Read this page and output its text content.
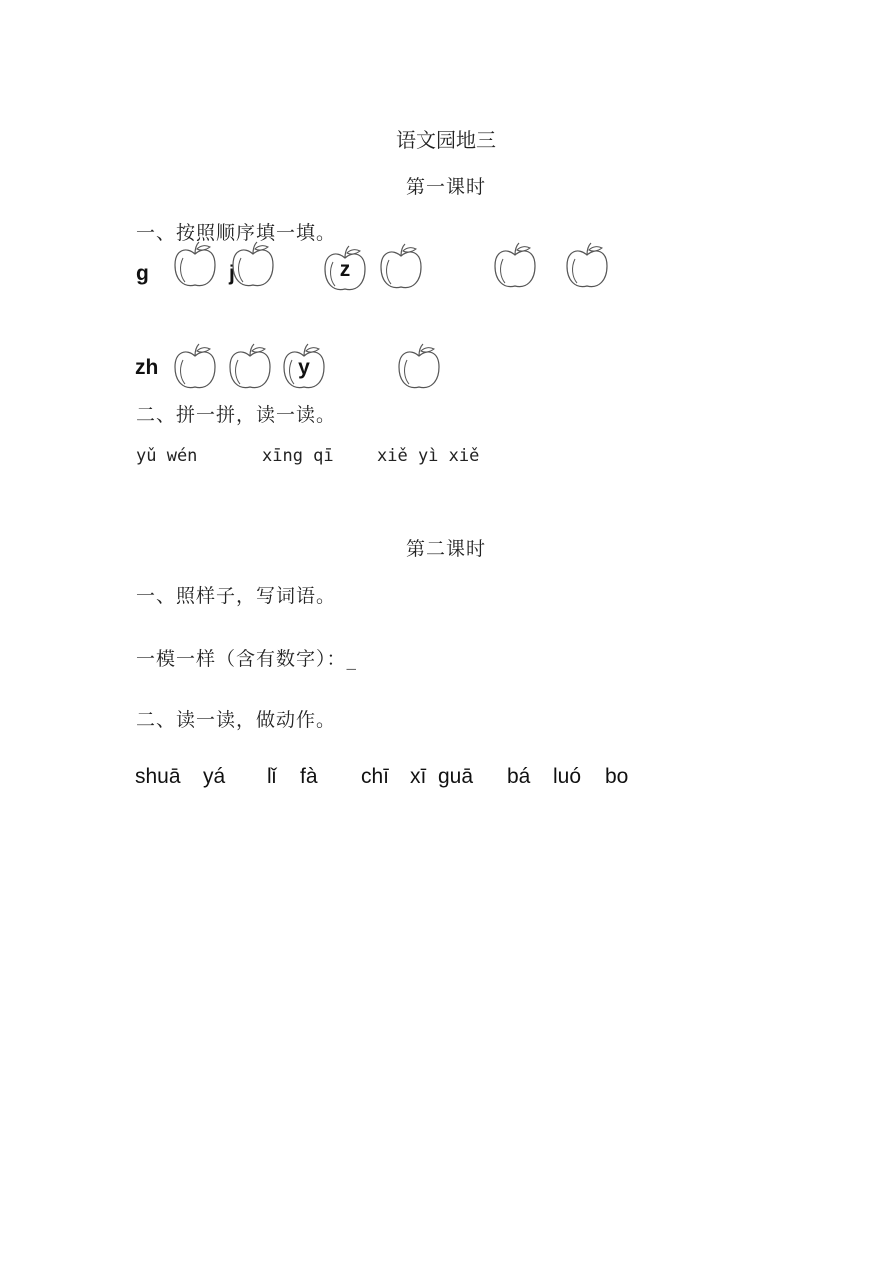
语文园地三
第一课时
一、按照顺序填一填。
g	j	z
zh	y
二、拼一拼，读一读。
yǔ wén	xīng qī	xiě yì xiě
第二课时
一、照样子，写词语。
一模一样（含有数字）：_
二、读一读，做动作。
shuā yá lǐ fà chī xī guā bá luó bo
